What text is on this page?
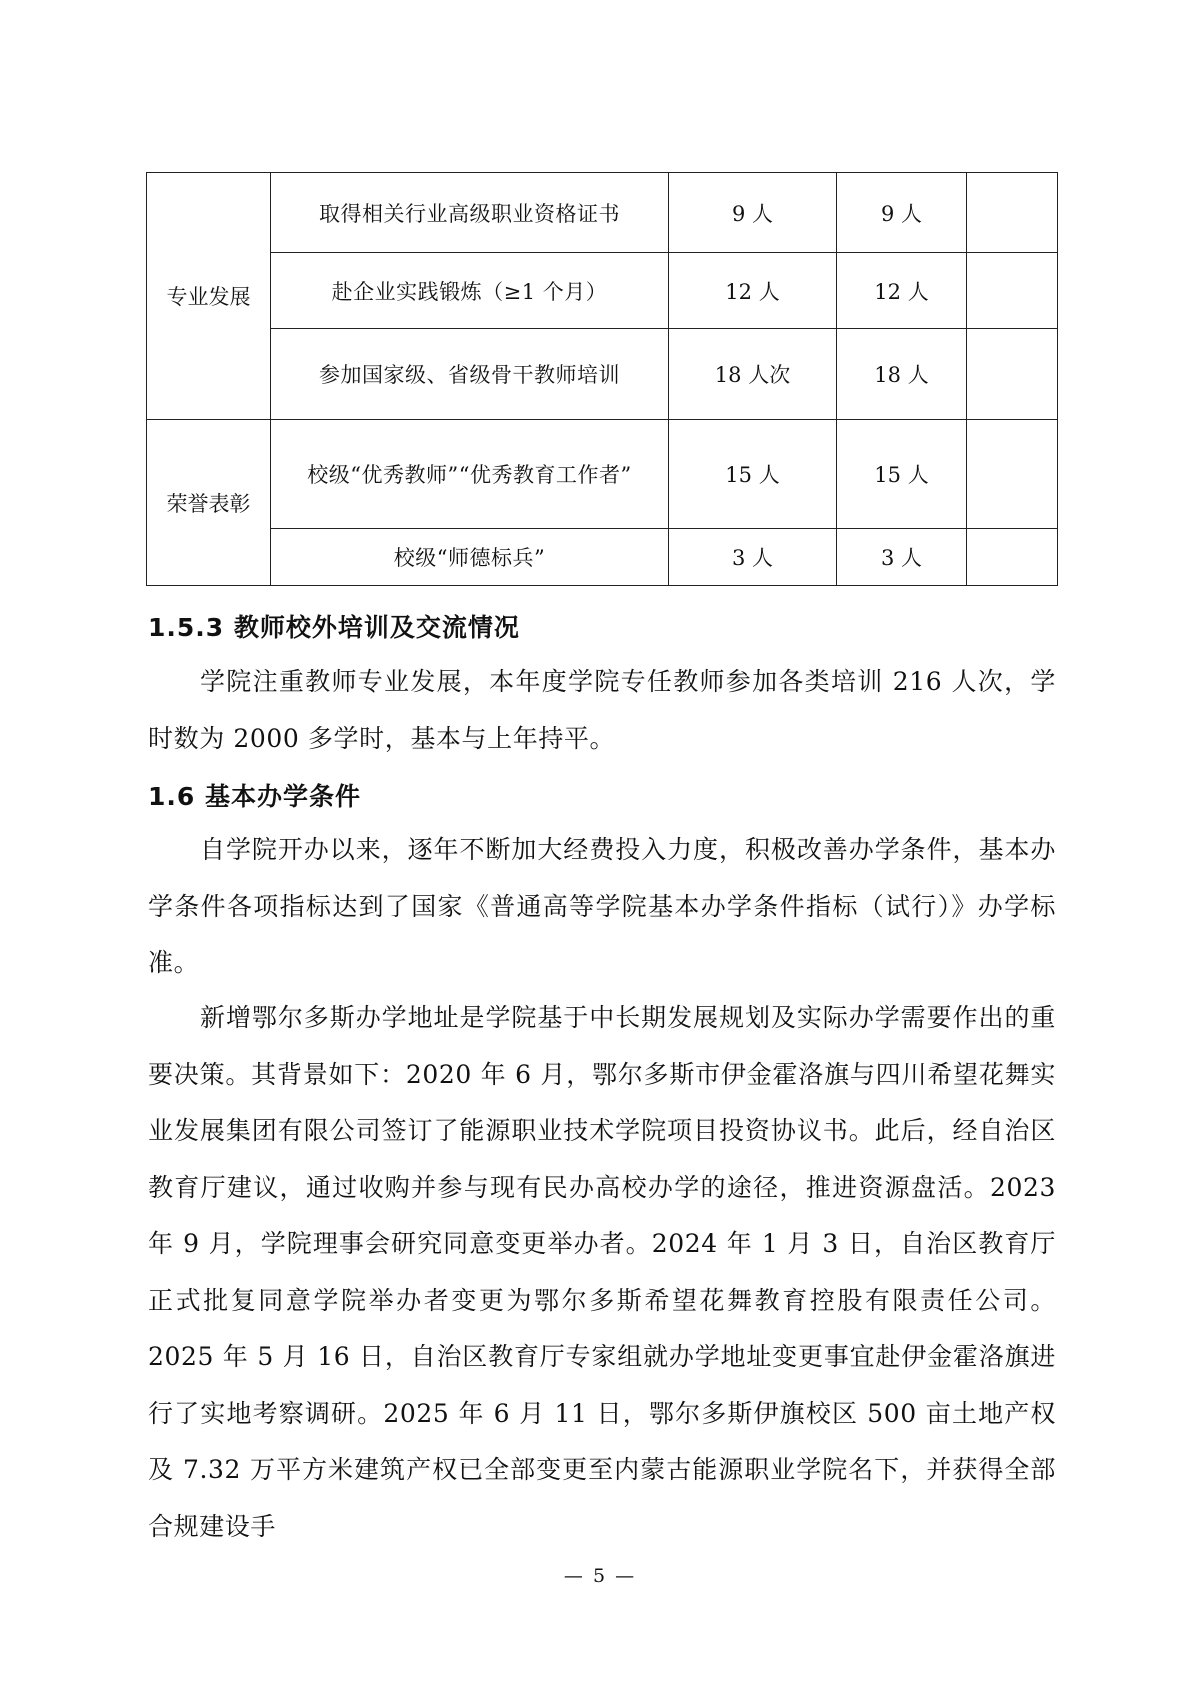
专业发展	取得相关行业高级职业资格证书	9 人	9 人	
	赴企业实践锻炼（≥1 个月）	12 人	12 人	
	参加国家级、省级骨干教师培训	18 人次	18 人	
荣誉表彰	校级“优秀教师”“优秀教育工作者”	15 人	15 人	
	校级“师德标兵”	3 人	3 人	
1.5.3 教师校外培训及交流情况

学院注重教师专业发展，本年度学院专任教师参加各类培训 216 人次，学时数为 2000 多学时，基本与上年持平。

1.6 基本办学条件

自学院开办以来，逐年不断加大经费投入力度，积极改善办学条件，基本办学条件各项指标达到了国家《普通高等学院基本办学条件指标（试行）》办学标准。

新增鄂尔多斯办学地址是学院基于中长期发展规划及实际办学需要作出的重要决策。其背景如下：2020 年 6 月，鄂尔多斯市伊金霍洛旗与四川希望花舞实业发展集团有限公司签订了能源职业技术学院项目投资协议书。此后，经自治区教育厅建议，通过收购并参与现有民办高校办学的途径，推进资源盘活。2023 年 9 月，学院理事会研究同意变更举办者。2024 年 1 月 3 日，自治区教育厅正式批复同意学院举办者变更为鄂尔多斯希望花舞教育控股有限责任公司。2025 年 5 月 16 日，自治区教育厅专家组就办学地址变更事宜赴伊金霍洛旗进行了实地考察调研。2025 年 6 月 11 日，鄂尔多斯伊旗校区 500 亩土地产权及 7.32 万平方米建筑产权已全部变更至内蒙古能源职业学院名下，并获得全部合规建设手

— 5 —
